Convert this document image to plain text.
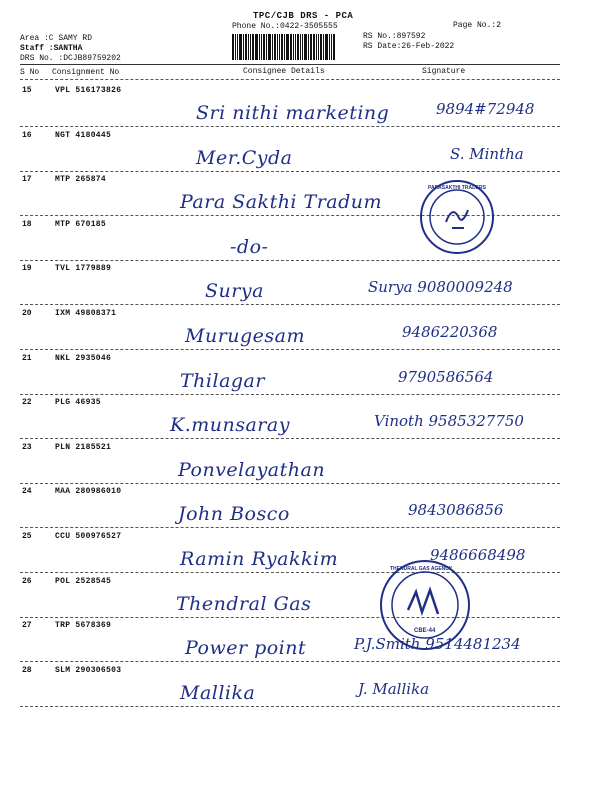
TPC/CJB DRS - PCA
Phone No.:0422-3505555	Page No.:2
Area :C SAMY RD
Staff :SANTHA
DRS No. :DCJB89759202
RS No.:897592
RS Date:26-Feb-2022
S No Consignment No	Consignee Details	Signature
15	VPL 516173826
Sri nithi marketing	9894#72948
16	NGT 4180445
Mer.Cyda	S. Mintha
17	MTP 265874
Para Sakthi Tradum
18	MTP 670185
-do-
19	TVL 1779889
Surya	Surya 9080009248
20	IXM 49808371
Murugesam	9486220368
21	NKL 2935046
Thilagar	9790586564
22	PLG 46935
K.munsaray	Vinoth 9585327750
23	PLN 2185521
Ponvelayathan
24	MAA 280986010
John Bosco	9843086856
25	CCU 500976527
Ramin Ryakkim	9486668498
26	POL 2528545
Thendral Gas
27	TRP 5678369
Power point	P.J.Smith 9514481234
28	SLM 290306503
Mallika	J. Mallika
PARASAKTHI TRADERS
THENDRAL GAS AGENCY
CBE-44
